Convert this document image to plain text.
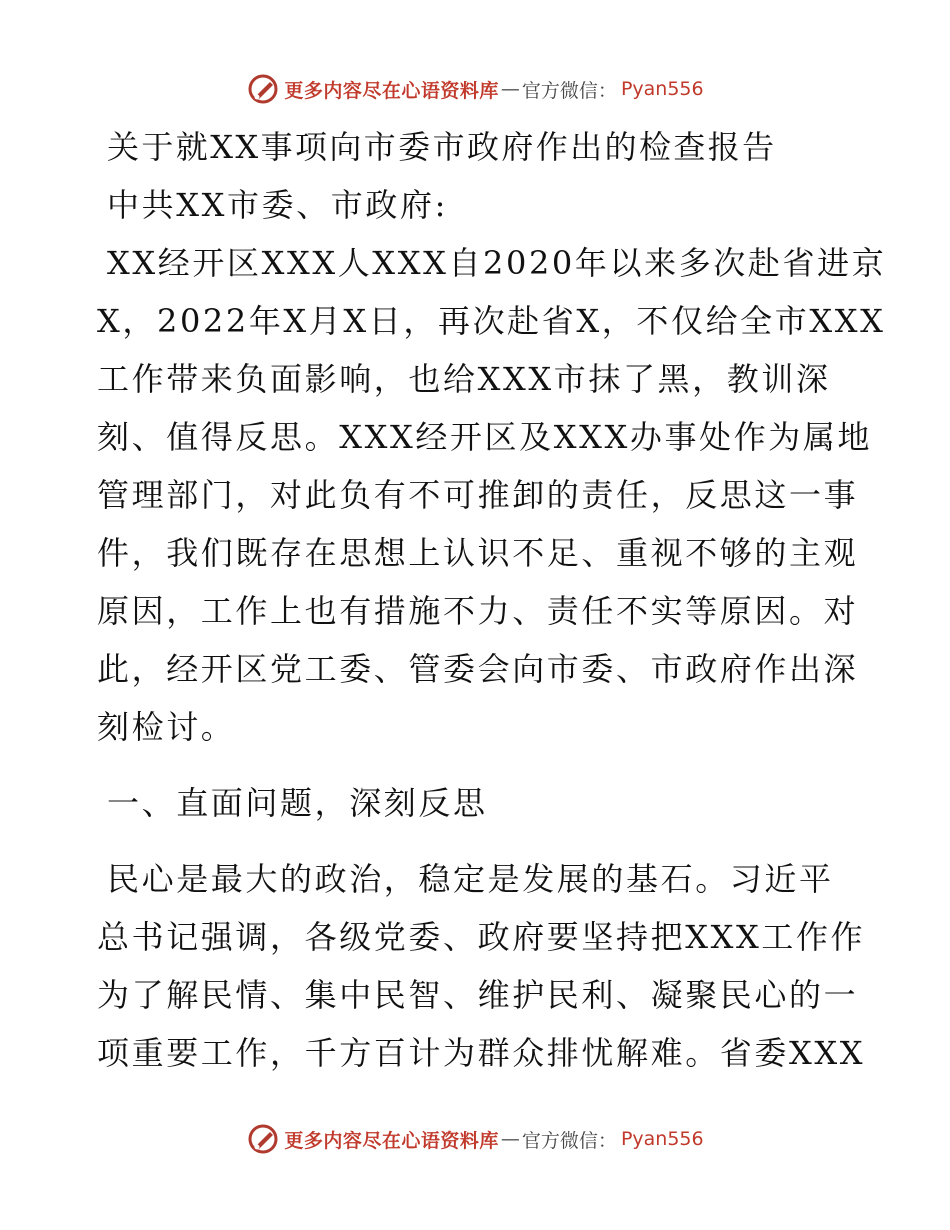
更多内容尽在心语资料库 — 官方微信： Pyan556
关于就XX事项向市委市政府作出的检查报告
中共XX市委、市政府:
XX经开区XXX人XXX自2020年以来多次赴省进京
X，2022年X月X日，再次赴省X，不仅给全市XXX
工作带来负面影响，也给XXX市抹了黑，教训深
刻、值得反思。XXX经开区及XXX办事处作为属地
管理部门，对此负有不可推卸的责任，反思这一事
件，我们既存在思想上认识不足、重视不够的主观
原因，工作上也有措施不力、责任不实等原因。对
此，经开区党工委、管委会向市委、市政府作出深
刻检讨。
一、直面问题，深刻反思
民心是最大的政治，稳定是发展的基石。习近平
总书记强调，各级党委、政府要坚持把XXX工作作
为了解民情、集中民智、维护民利、凝聚民心的一
项重要工作，千方百计为群众排忧解难。省委XXX
更多内容尽在心语资料库 — 官方微信： Pyan556
